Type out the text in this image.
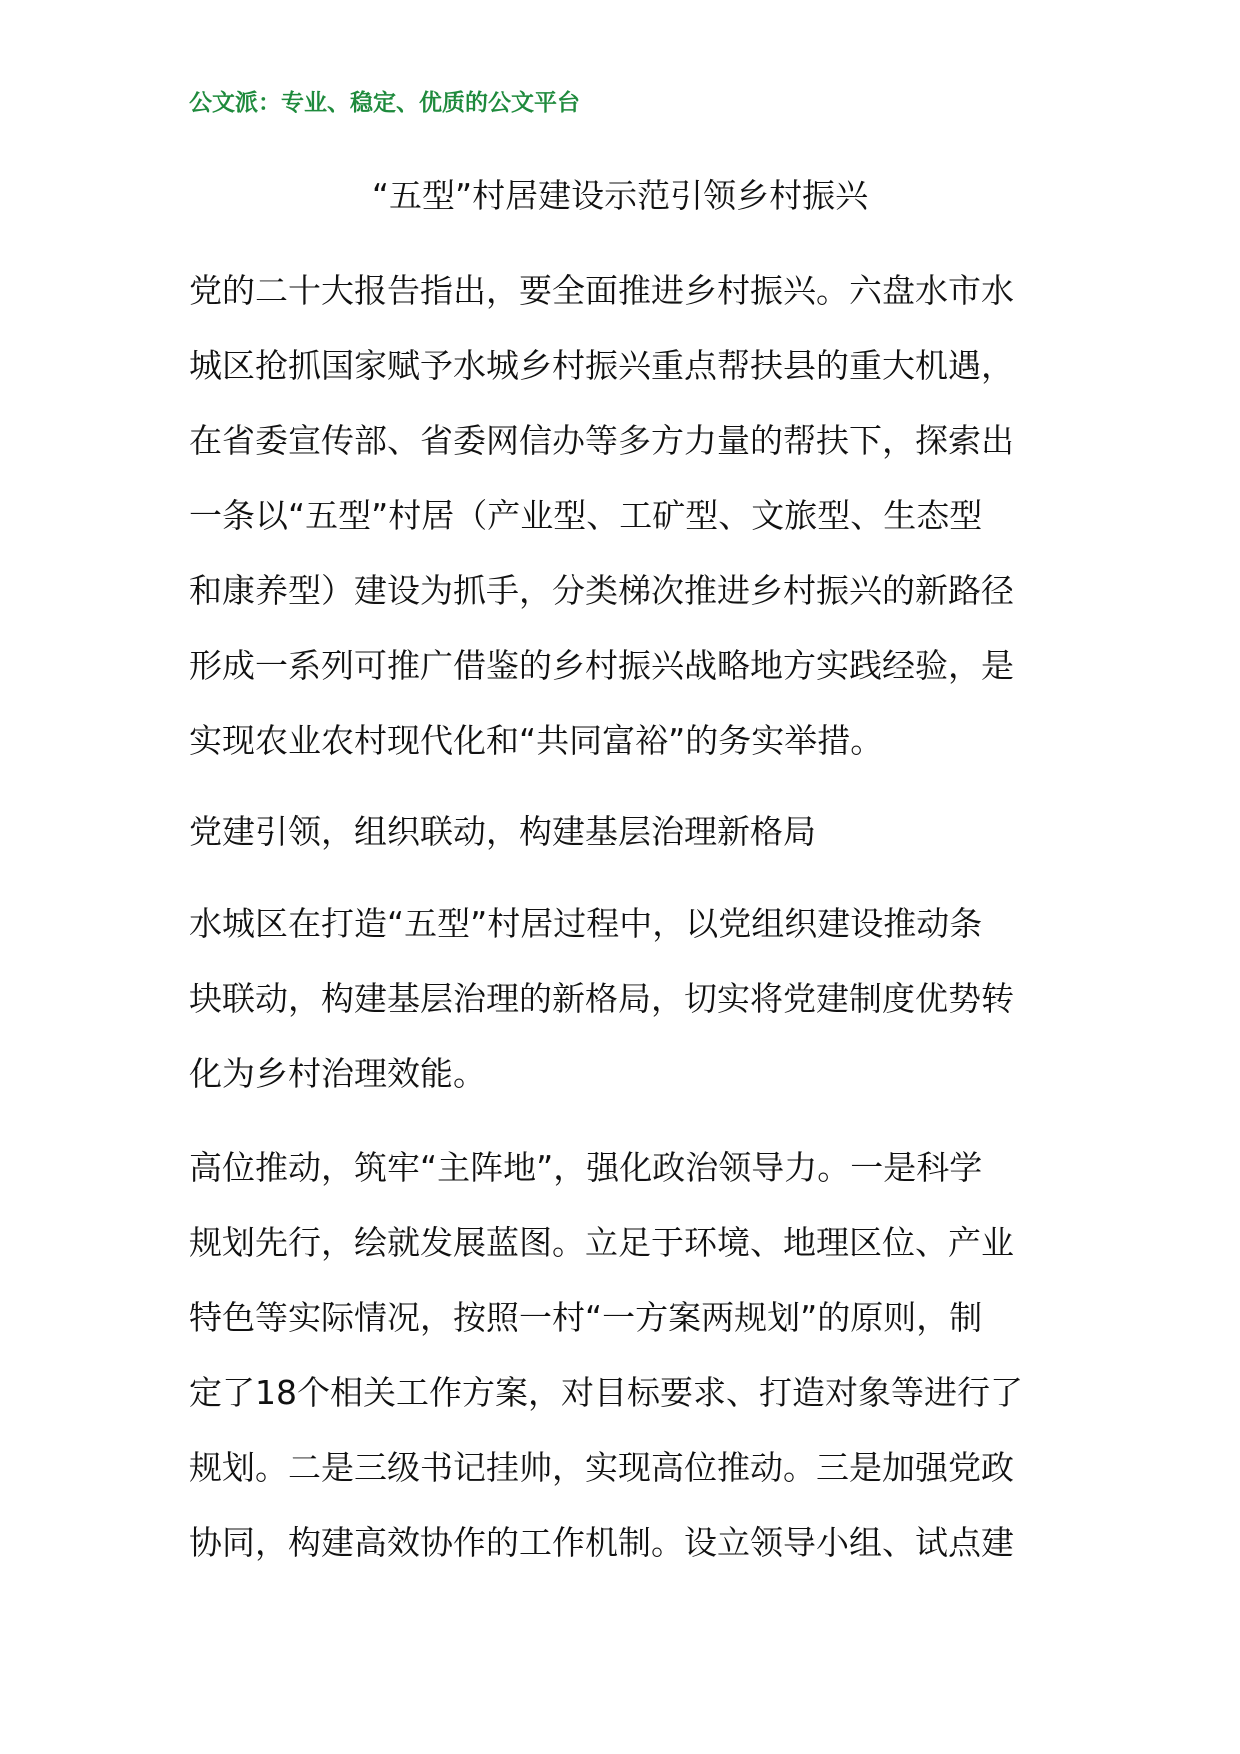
公文派：专业、稳定、优质的公文平台
“五型”村居建设示范引领乡村振兴
党的二十大报告指出，要全面推进乡村振兴。六盘水市水
城区抢抓国家赋予水城乡村振兴重点帮扶县的重大机遇，
在省委宣传部、省委网信办等多方力量的帮扶下，探索出
一条以“五型”村居（产业型、工矿型、文旅型、生态型
和康养型）建设为抓手，分类梯次推进乡村振兴的新路径
形成一系列可推广借鉴的乡村振兴战略地方实践经验，是
实现农业农村现代化和“共同富裕”的务实举措。
党建引领，组织联动，构建基层治理新格局
水城区在打造“五型”村居过程中，以党组织建设推动条
块联动，构建基层治理的新格局，切实将党建制度优势转
化为乡村治理效能。
高位推动，筑牢“主阵地”，强化政治领导力。一是科学
规划先行，绘就发展蓝图。立足于环境、地理区位、产业
特色等实际情况，按照一村“一方案两规划”的原则，制
定了18个相关工作方案，对目标要求、打造对象等进行了
规划。二是三级书记挂帅，实现高位推动。三是加强党政
协同，构建高效协作的工作机制。设立领导小组、试点建
